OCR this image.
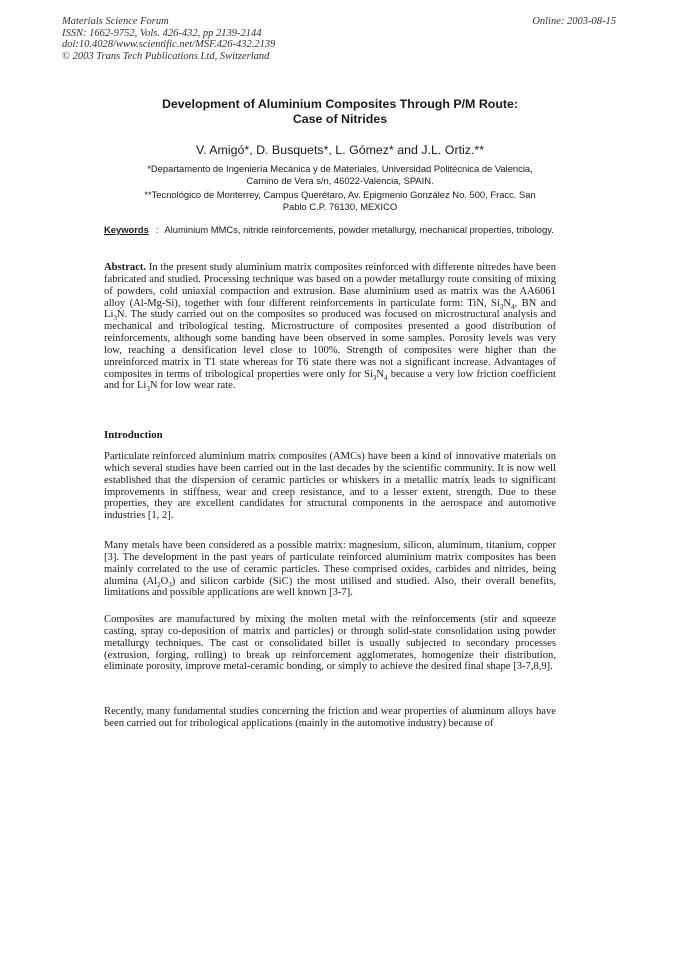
Materials Science Forum
ISSN: 1662-9752, Vols. 426-432, pp 2139-2144
doi:10.4028/www.scientific.net/MSF.426-432.2139
© 2003 Trans Tech Publications Ltd, Switzerland
Online: 2003-08-15
Development of Aluminium Composites Through P/M Route:
Case of Nitrides
V. Amigó*, D. Busquets*, L. Gómez* and J.L. Ortiz.**
*Departamento de Ingeniería Mecánica y de Materiales, Universidad Politécnica de Valencia,
Camino de Vera s/n, 46022-Valencia, SPAIN.
**Tecnológico de Monterrey, Campus Querétaro, Av. Epigmenio González No. 500, Fracc. San
Pablo C.P. 76130, MEXICO
Keywords : Aluminium MMCs, nitride reinforcements, powder metallurgy, mechanical properties, tribology.
Abstract. In the present study aluminium matrix composites reinforced with differente nitredes have been fabricated and studied. Processing technique was based on a powder metallurgy route consiting of mixing of powders, cold uniaxial compaction and extrusion. Base aluminium used as matrix was the AA6061 alloy (Al-Mg-Si), together with four different reinforcements in particulate form: TiN, $Si_3N_4$, BN and $Li_3N$. The study carried out on the composites so produced was focused on microstructural analysis and mechanical and tribological testing. Microstructure of composites presented a good distribution of reinforcements, although some banding have been observed in some samples. Porosity levels was very low, reaching a densification level close to 100%. Strength of composites were higher than the unreinforced matrix in T1 state whereas for T6 state there was not a significant increase. Advantages of composites in terms of tribological properties were only for $Si_3N_4$ because a very low friction coefficient and for $Li_3N$ for low wear rate.
Introduction
Particulate reinforced aluminium matrix composites (AMCs) have been a kind of innovative materials on which several studies have been carried out in the last decades by the scientific community. It is now well established that the dispersion of ceramic particles or whiskers in a metallic matrix leads to significant improvements in stiffness, wear and creep resistance, and to a lesser extent, strength. Due to these properties, they are excellent candidates for structural components in the aerospace and automotive industries [1, 2].
Many metals have been considered as a possible matrix: magnesium, silicon, aluminum, titanium, copper [3]. The development in the past years of particulate reinforced aluminium matrix composites has been mainly correlated to the use of ceramic particles. These comprised oxides, carbides and nitrides, being alumina $(Al_2O_3)$ and silicon carbide (SiC) the most utilised and studied. Also, their overall benefits, limitations and possible applications are well known [3-7].
Composites are manufactured by mixing the molten metal with the reinforcements (stir and squeeze casting, spray co-deposition of matrix and particles) or through solid-state consolidation using powder metallurgy techniques. The cast or consolidated billet is usually subjected to secondary processes (extrusion, forging, rolling) to break up reinforcement agglomerates, homogenize their distribution, eliminate porosity, improve metal-ceramic bonding, or simply to achieve the desired final shape [3-7,8,9].
Recently, many fundamental studies concerning the friction and wear properties of aluminum alloys have been carried out for tribological applications (mainly in the automotive industry) because of
